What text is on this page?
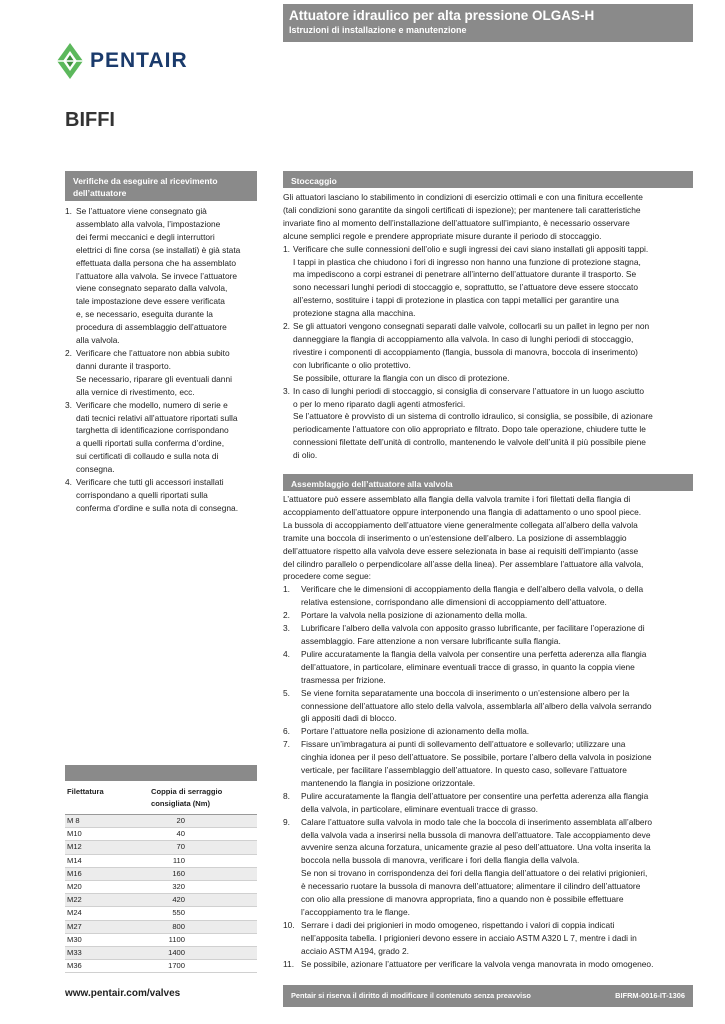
Attuatore idraulico per alta pressione OLGAS-H
Istruzioni di installazione e manutenzione
PENTAIR
BIFFI
Verifiche da eseguire al ricevimento dell’attuatore
1. Se l’attuatore viene consegnato già
assemblato alla valvola, l’impostazione
dei fermi meccanici e degli interruttori
elettrici di fine corsa (se installati) è già stata
effettuata dalla persona che ha assemblato
l’attuatore alla valvola. Se invece l’attuatore
viene consegnato separato dalla valvola,
tale impostazione deve essere verificata
e, se necessario, eseguita durante la
procedura di assemblaggio dell’attuatore
alla valvola.
2. Verificare che l’attuatore non abbia subito
danni durante il trasporto.
Se necessario, riparare gli eventuali danni
alla vernice di rivestimento, ecc.
3. Verificare che modello, numero di serie e
dati tecnici relativi all’attuatore riportati sulla
targhetta di identificazione corrispondano
a quelli riportati sulla conferma d’ordine,
sui certificati di collaudo e sulla nota di
consegna.
4. Verificare che tutti gli accessori installati
corrispondano a quelli riportati sulla
conferma d’ordine e sulla nota di consegna.
Stoccaggio

Gli attuatori lasciano lo stabilimento in condizioni di esercizio ottimali e con una finitura eccellente
(tali condizioni sono garantite da singoli certificati di ispezione); per mantenere tali caratteristiche
invariate fino al momento dell’installazione dell’attuatore sull’impianto, è necessario osservare
alcune semplici regole e prendere appropriate misure durante il periodo di stoccaggio.

1. Verificare che sulle connessioni dell’olio e sugli ingressi dei cavi siano installati gli appositi tappi.
I tappi in plastica che chiudono i fori di ingresso non hanno una funzione di protezione stagna,
ma impediscono a corpi estranei di penetrare all’interno dell’attuatore durante il trasporto. Se
sono necessari lunghi periodi di stoccaggio e, soprattutto, se l’attuatore deve essere stoccato
all’esterno, sostituire i tappi di protezione in plastica con tappi metallici per garantire una
protezione stagna alla macchina.
2. Se gli attuatori vengono consegnati separati dalle valvole, collocarli su un pallet in legno per non
danneggiare la flangia di accoppiamento alla valvola. In caso di lunghi periodi di stoccaggio,
rivestire i componenti di accoppiamento (flangia, bussola di manovra, boccola di inserimento)
con lubrificante o olio protettivo.
Se possibile, otturare la flangia con un disco di protezione.
3. In caso di lunghi periodi di stoccaggio, si consiglia di conservare l’attuatore in un luogo asciutto
o per lo meno riparato dagli agenti atmosferici.
Se l’attuatore è provvisto di un sistema di controllo idraulico, si consiglia, se possibile, di azionare
periodicamente l’attuatore con olio appropriato e filtrato. Dopo tale operazione, chiudere tutte le
connessioni filettate dell’unità di controllo, mantenendo le valvole dell’unità il più possibile piene
di olio.
Assemblaggio dell’attuatore alla valvola

L’attuatore può essere assemblato alla flangia della valvola tramite i fori filettati della flangia di
accoppiamento dell’attuatore oppure interponendo una flangia di adattamento o uno spool piece.
La bussola di accoppiamento dell’attuatore viene generalmente collegata all’albero della valvola
tramite una boccola di inserimento o un’estensione dell’albero. La posizione di assemblaggio
dell’attuatore rispetto alla valvola deve essere selezionata in base ai requisiti dell’impianto (asse
del cilindro parallelo o perpendicolare all’asse della linea). Per assemblare l’attuatore alla valvola,
procedere come segue:

1. Verificare che le dimensioni di accoppiamento della flangia e dell’albero della valvola, o della
relativa estensione, corrispondano alle dimensioni di accoppiamento dell’attuatore.
2. Portare la valvola nella posizione di azionamento della molla.
3. Lubrificare l’albero della valvola con apposito grasso lubrificante, per facilitare l’operazione di
assemblaggio. Fare attenzione a non versare lubrificante sulla flangia.
4. Pulire accuratamente la flangia della valvola per consentire una perfetta aderenza alla flangia
dell’attuatore, in particolare, eliminare eventuali tracce di grasso, in quanto la coppia viene
trasmessa per frizione.
5. Se viene fornita separatamente una boccola di inserimento o un’estensione albero per la
connessione dell’attuatore allo stelo della valvola, assemblarla all’albero della valvola serrando
gli appositi dadi di blocco.
6. Portare l’attuatore nella posizione di azionamento della molla.
7. Fissare un’imbragatura ai punti di sollevamento dell’attuatore e sollevarlo; utilizzare una
cinghia idonea per il peso dell’attuatore. Se possibile, portare l’albero della valvola in posizione
verticale, per facilitare l’assemblaggio dell’attuatore. In questo caso, sollevare l’attuatore
mantenendo la flangia in posizione orizzontale.
8. Pulire accuratamente la flangia dell’attuatore per consentire una perfetta aderenza alla flangia
della valvola, in particolare, eliminare eventuali tracce di grasso.
9. Calare l’attuatore sulla valvola in modo tale che la boccola di inserimento assemblata all’albero
della valvola vada a inserirsi nella bussola di manovra dell’attuatore. Tale accoppiamento deve
avvenire senza alcuna forzatura, unicamente grazie al peso dell’attuatore. Una volta inserita la
boccola nella bussola di manovra, verificare i fori della flangia della valvola.
Se non si trovano in corrispondenza dei fori della flangia dell’attuatore o dei relativi prigionieri,
è necessario ruotare la bussola di manovra dell’attuatore; alimentare il cilindro dell’attuatore
con olio alla pressione di manovra appropriata, fino a quando non è possibile effettuare
l’accoppiamento tra le flange.
10. Serrare i dadi dei prigionieri in modo omogeneo, rispettando i valori di coppia indicati
nell’apposita tabella. I prigionieri devono essere in acciaio ASTM A320 L 7, mentre i dadi in
acciaio ASTM A194, grado 2.
11. Se possibile, azionare l’attuatore per verificare la valvola venga manovrata in modo omogeneo.
Filettatura	Coppia di serraggio
consigliata (Nm)
M 8	20
M10	40
M12	70
M14	110
M16	160
M20	320
M22	420
M24	550
M27	800
M30	1100
M33	1400
M36	1700
www.pentair.com/valves	Pentair si riserva il diritto di modificare il contenuto senza preavviso	BIFRM-0016-IT-1306
